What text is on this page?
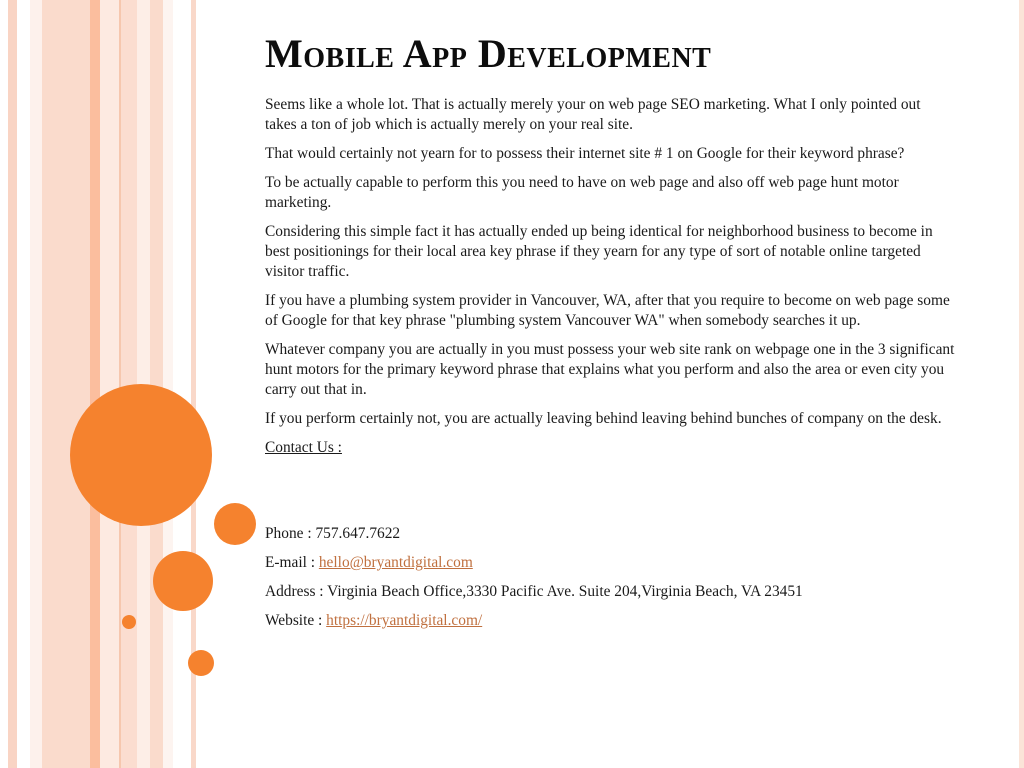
Mobile App Development

Seems like a whole lot. That is actually merely your on web page SEO marketing. What I only pointed out takes a ton of job which is actually merely on your real site.

That would certainly not yearn for to possess their internet site # 1 on Google for their keyword phrase?

To be actually capable to perform this you need to have on web page and also off web page hunt motor marketing.

Considering this simple fact it has actually ended up being identical for neighborhood business to become in best positionings for their local area key phrase if they yearn for any type of sort of notable online targeted visitor traffic.

If you have a plumbing system provider in Vancouver, WA, after that you require to become on web page some of Google for that key phrase "plumbing system Vancouver WA" when somebody searches it up.

Whatever company you are actually in you must possess your web site rank on webpage one in the 3 significant hunt motors for the primary keyword phrase that explains what you perform and also the area or even city you carry out that in.

If you perform certainly not, you are actually leaving behind leaving behind bunches of company on the desk.

Contact Us :

Phone : 757.647.7622

E-mail : hello@bryantdigital.com

Address : Virginia Beach Office,3330 Pacific Ave. Suite 204,Virginia Beach, VA 23451

Website : https://bryantdigital.com/
